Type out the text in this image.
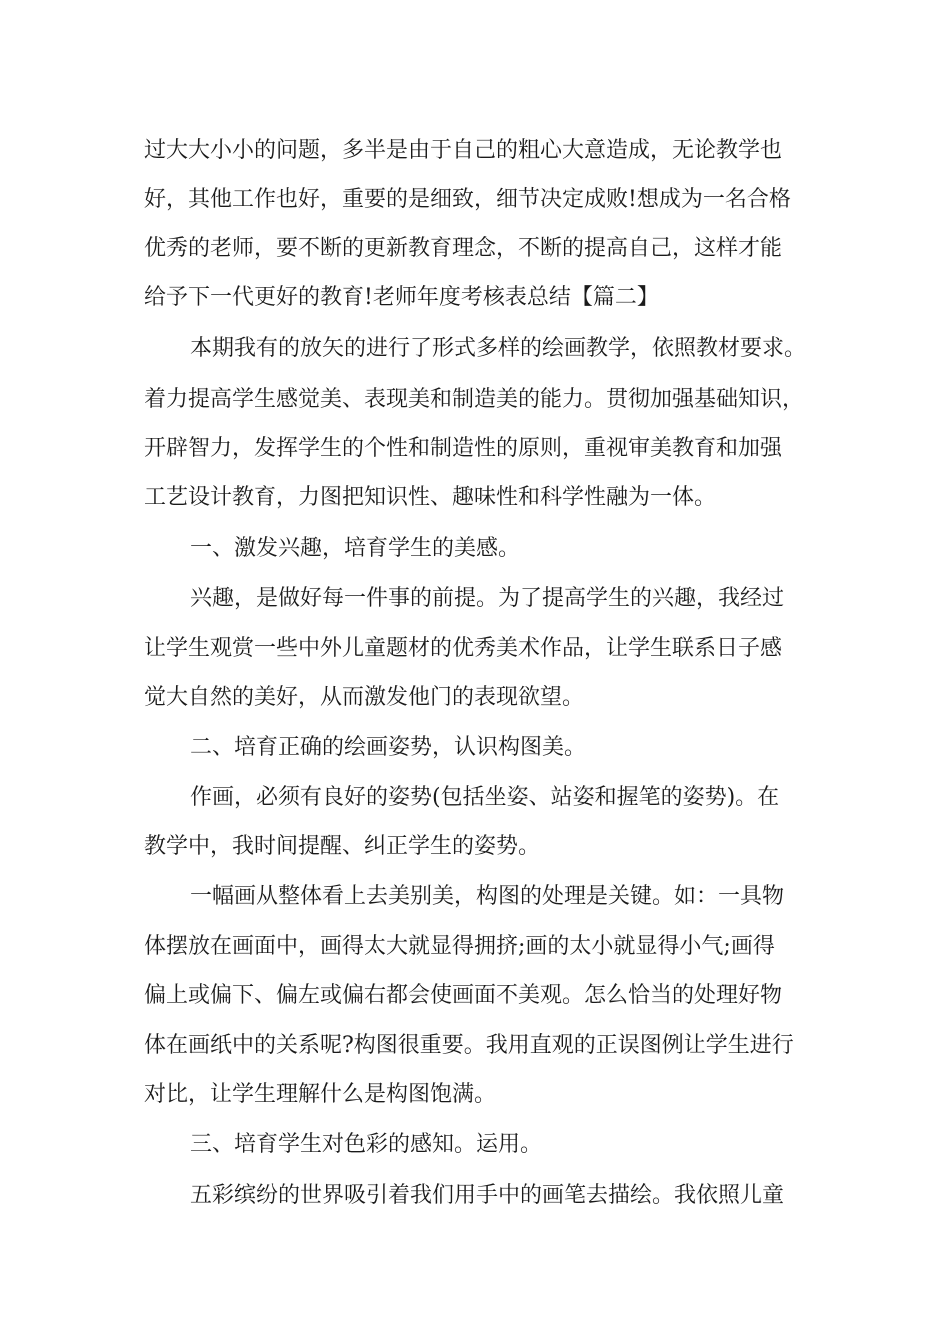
过大大小小的问题，多半是由于自己的粗心大意造成，无论教学也
好，其他工作也好，重要的是细致，细节决定成败!想成为一名合格
优秀的老师，要不断的更新教育理念，不断的提高自己，这样才能
给予下一代更好的教育!老师年度考核表总结【篇二】
本期我有的放矢的进行了形式多样的绘画教学，依照教材要求。
着力提高学生感觉美、表现美和制造美的能力。贯彻加强基础知识，
开辟智力，发挥学生的个性和制造性的原则，重视审美教育和加强
工艺设计教育，力图把知识性、趣味性和科学性融为一体。
一、激发兴趣，培育学生的美感。
兴趣，是做好每一件事的前提。为了提高学生的兴趣，我经过
让学生观赏一些中外儿童题材的优秀美术作品，让学生联系日子感
觉大自然的美好，从而激发他门的表现欲望。
二、培育正确的绘画姿势，认识构图美。
作画，必须有良好的姿势(包括坐姿、站姿和握笔的姿势)。在
教学中，我时间提醒、纠正学生的姿势。
一幅画从整体看上去美别美，构图的处理是关键。如：一具物
体摆放在画面中，画得太大就显得拥挤;画的太小就显得小气;画得
偏上或偏下、偏左或偏右都会使画面不美观。怎么恰当的处理好物
体在画纸中的关系呢?构图很重要。我用直观的正误图例让学生进行
对比，让学生理解什么是构图饱满。
三、培育学生对色彩的感知。运用。
五彩缤纷的世界吸引着我们用手中的画笔去描绘。我依照儿童
